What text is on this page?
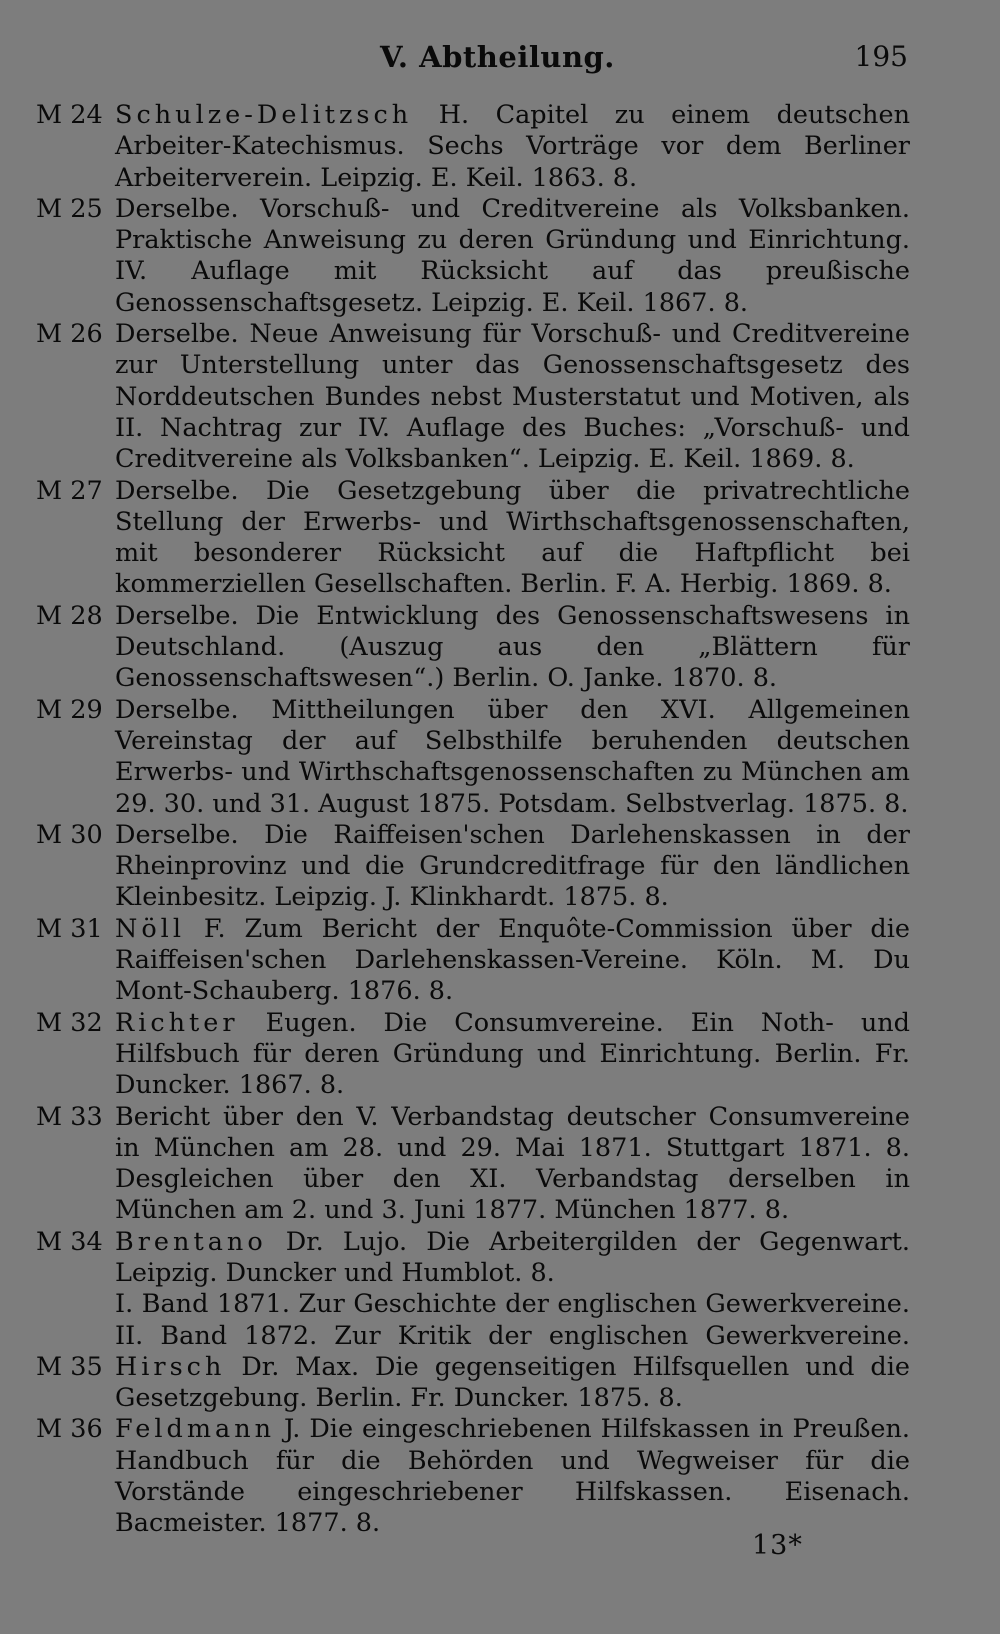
V. Abtheilung.	195
M 24 Schulze-Delitzsch H. Capitel zu einem deutschen Arbeiter-Katechismus. Sechs Vorträge vor dem Berliner Arbeiterverein. Leipzig. E. Keil. 1863. 8.
M 25 Derselbe. Vorschuß- und Creditvereine als Volksbanken. Praktische Anweisung zu deren Gründung und Einrichtung. IV. Auflage mit Rücksicht auf das preußische Genossenschaftsgesetz. Leipzig. E. Keil. 1867. 8.
M 26 Derselbe. Neue Anweisung für Vorschuß- und Creditvereine zur Unterstellung unter das Genossenschaftsgesetz des Norddeutschen Bundes nebst Musterstatut und Motiven, als II. Nachtrag zur IV. Auflage des Buches: „Vorschuß- und Creditvereine als Volksbanken“. Leipzig. E. Keil. 1869. 8.
M 27 Derselbe. Die Gesetzgebung über die privatrechtliche Stellung der Erwerbs- und Wirthschaftsgenossenschaften, mit besonderer Rücksicht auf die Haftpflicht bei kommerziellen Gesellschaften. Berlin. F. A. Herbig. 1869. 8.
M 28 Derselbe. Die Entwicklung des Genossenschaftswesens in Deutschland. (Auszug aus den „Blättern für Genossenschaftswesen“.) Berlin. O. Janke. 1870. 8.
M 29 Derselbe. Mittheilungen über den XVI. Allgemeinen Vereinstag der auf Selbsthilfe beruhenden deutschen Erwerbs- und Wirthschaftsgenossenschaften zu München am 29. 30. und 31. August 1875. Potsdam. Selbstverlag. 1875. 8.
M 30 Derselbe. Die Raiffeisen'schen Darlehenskassen in der Rheinprovinz und die Grundcreditfrage für den ländlichen Kleinbesitz. Leipzig. J. Klinkhardt. 1875. 8.
M 31 Nöll F. Zum Bericht der Enquôte-Commission über die Raiffeisen'schen Darlehenskassen-Vereine. Köln. M. Du Mont-Schauberg. 1876. 8.
M 32 Richter Eugen. Die Consumvereine. Ein Noth- und Hilfsbuch für deren Gründung und Einrichtung. Berlin. Fr. Duncker. 1867. 8.
M 33 Bericht über den V. Verbandstag deutscher Consumvereine in München am 28. und 29. Mai 1871. Stuttgart 1871. 8. Desgleichen über den XI. Verbandstag derselben in München am 2. und 3. Juni 1877. München 1877. 8.
M 34 Brentano Dr. Lujo. Die Arbeitergilden der Gegenwart. Leipzig. Duncker und Humblot. 8.
I. Band 1871. Zur Geschichte der englischen Gewerkvereine.
II. Band 1872. Zur Kritik der englischen Gewerkvereine.
M 35 Hirsch Dr. Max. Die gegenseitigen Hilfsquellen und die Gesetzgebung. Berlin. Fr. Duncker. 1875. 8.
M 36 Feldmann J. Die eingeschriebenen Hilfskassen in Preußen. Handbuch für die Behörden und Wegweiser für die Vorstände eingeschriebener Hilfskassen. Eisenach. Bacmeister. 1877. 8.
13*
